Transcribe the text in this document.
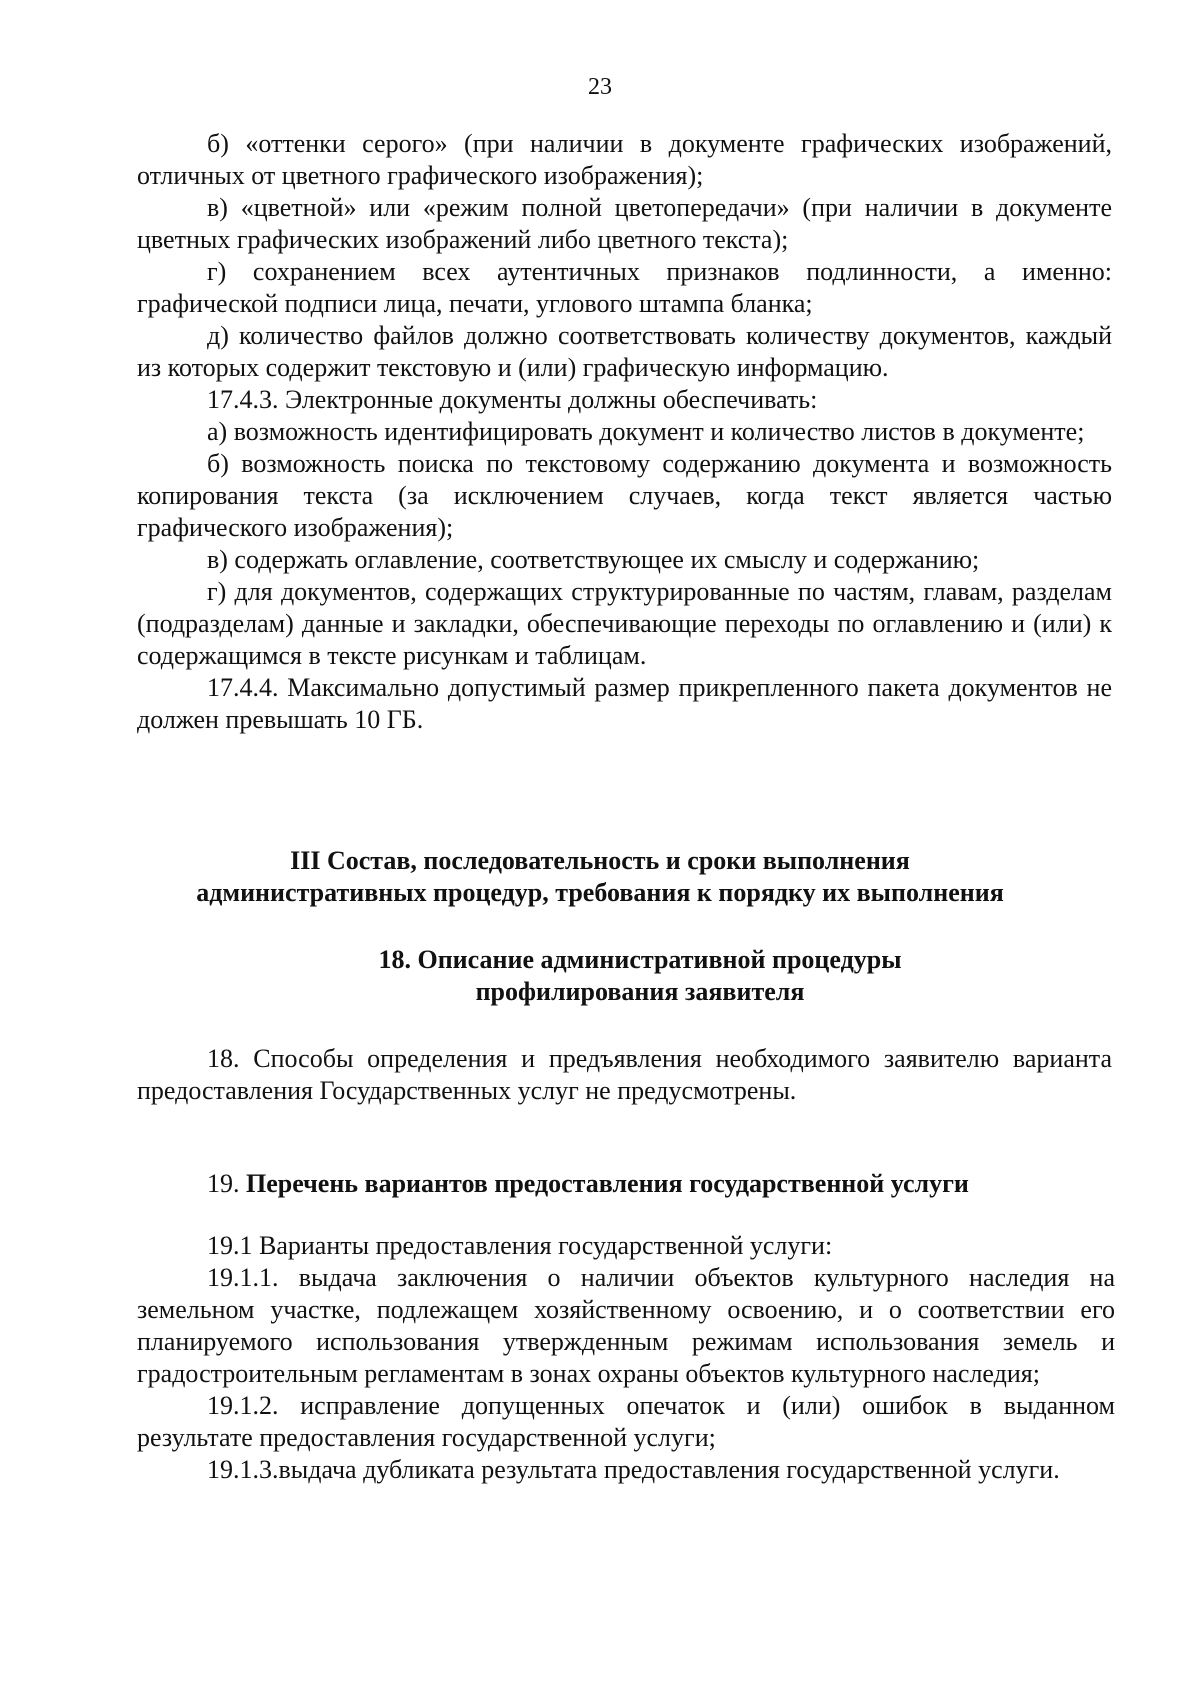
23

б) «оттенки серого» (при наличии в документе графических изображений, отличных от цветного графического изображения);

в) «цветной» или «режим полной цветопередачи» (при наличии в документе цветных графических изображений либо цветного текста);

г) сохранением всех аутентичных признаков подлинности, а именно: графической подписи лица, печати, углового штампа бланка;

д) количество файлов должно соответствовать количеству документов, каждый из которых содержит текстовую и (или) графическую информацию.

17.4.3. Электронные документы должны обеспечивать:

а) возможность идентифицировать документ и количество листов в документе;

б) возможность поиска по текстовому содержанию документа и возможность копирования текста (за исключением случаев, когда текст является частью графического изображения);

в) содержать оглавление, соответствующее их смыслу и содержанию;

г) для документов, содержащих структурированные по частям, главам, разделам (подразделам) данные и закладки, обеспечивающие переходы по оглавлению и (или) к содержащимся в тексте рисункам и таблицам.

17.4.4. Максимально допустимый размер прикрепленного пакета документов не должен превышать 10 ГБ.

III Состав, последовательность и сроки выполнения
административных процедур, требования к порядку их выполнения
18. Описание административной процедуры
профилирования заявителя

18. Способы определения и предъявления необходимого заявителю варианта предоставления Государственных услуг не предусмотрены.

19. Перечень вариантов предоставления государственной услуги

19.1 Варианты предоставления государственной услуги:

19.1.1. выдача заключения о наличии объектов культурного наследия на земельном участке, подлежащем хозяйственному освоению, и о соответствии его планируемого использования утвержденным режимам использования земель и градостроительным регламентам в зонах охраны объектов культурного наследия;

19.1.2. исправление допущенных опечаток и (или) ошибок в выданном результате предоставления государственной услуги;

19.1.3.выдача дубликата результата предоставления государственной услуги.
